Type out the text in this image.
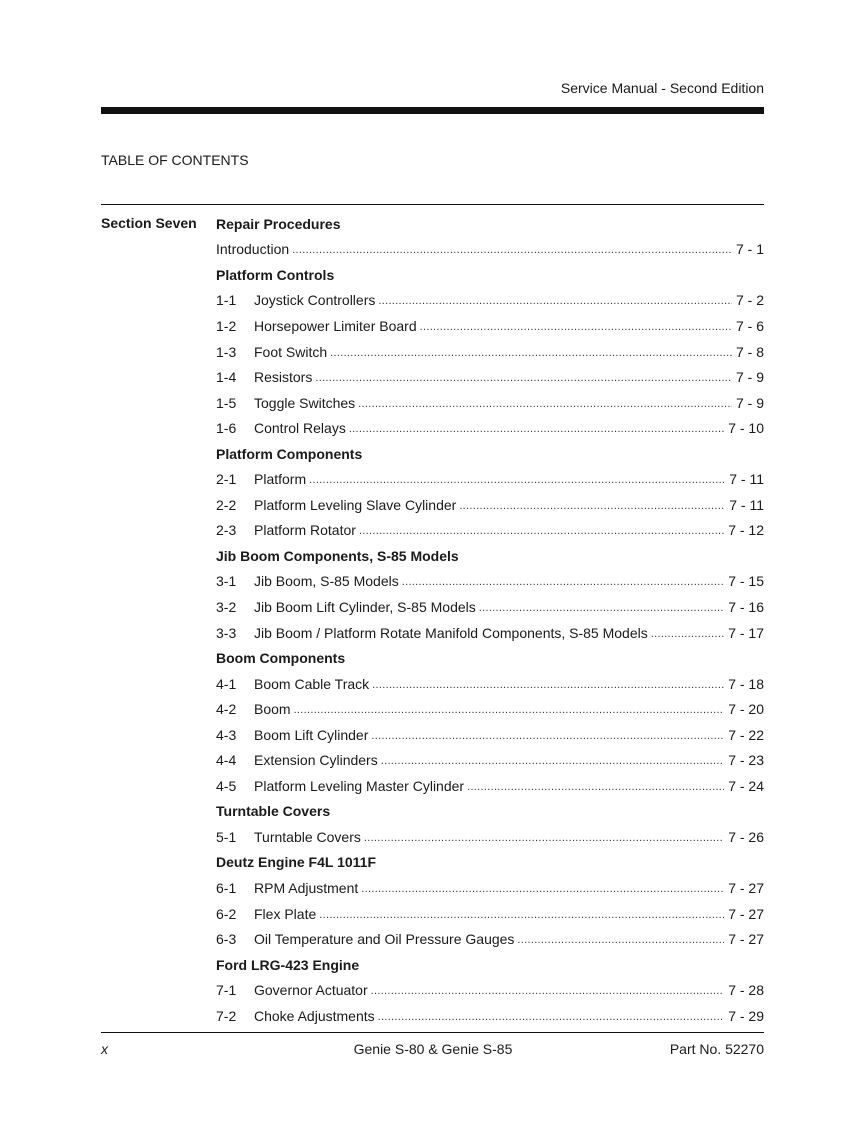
Service Manual - Second Edition
TABLE OF CONTENTS
Section Seven Repair Procedures
Introduction .....	7 - 1
Platform Controls
1-1	Joystick Controllers .....	7 - 2
1-2	Horsepower Limiter Board .....	7 - 6
1-3	Foot Switch .....	7 - 8
1-4	Resistors .....	7 - 9
1-5	Toggle Switches .....	7 - 9
1-6	Control Relays .....	7 - 10
Platform Components
2-1	Platform .....	7 - 11
2-2	Platform Leveling Slave Cylinder .....	7 - 11
2-3	Platform Rotator .....	7 - 12
Jib Boom Components, S-85 Models
3-1	Jib Boom, S-85 Models .....	7 - 15
3-2	Jib Boom Lift Cylinder, S-85 Models .....	7 - 16
3-3	Jib Boom / Platform Rotate Manifold Components, S-85 Models .....	7 - 17
Boom Components
4-1	Boom Cable Track .....	7 - 18
4-2	Boom .....	7 - 20
4-3	Boom Lift Cylinder .....	7 - 22
4-4	Extension Cylinders .....	7 - 23
4-5	Platform Leveling Master Cylinder .....	7 - 24
Turntable Covers
5-1	Turntable Covers .....	7 - 26
Deutz Engine F4L 1011F
6-1	RPM Adjustment .....	7 - 27
6-2	Flex Plate .....	7 - 27
6-3	Oil Temperature and Oil Pressure Gauges .....	7 - 27
Ford LRG-423 Engine
7-1	Governor Actuator .....	7 - 28
7-2	Choke Adjustments .....	7 - 29
x	Genie S-80 & Genie S-85	Part No. 52270
